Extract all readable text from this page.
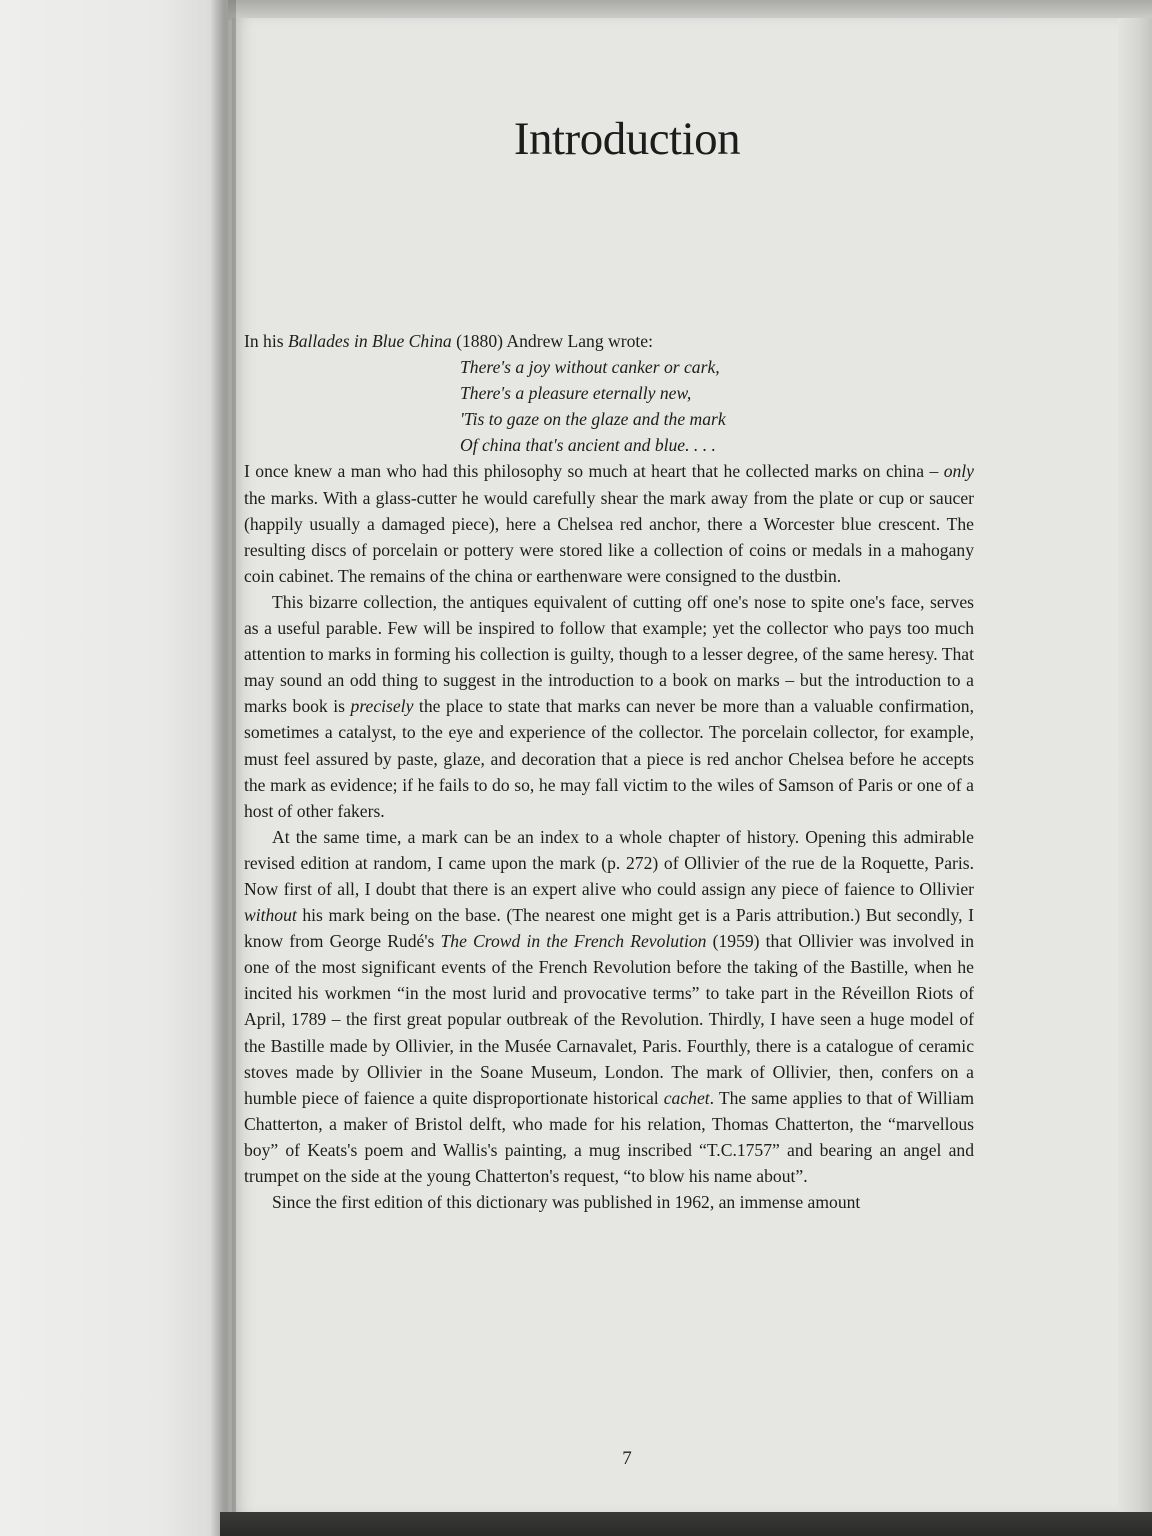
Introduction

In his Ballades in Blue China (1880) Andrew Lang wrote:

There's a joy without canker or cark,
There's a pleasure eternally new,
'Tis to gaze on the glaze and the mark
Of china that's ancient and blue. . . .

I once knew a man who had this philosophy so much at heart that he collected marks on china – only the marks. With a glass-cutter he would carefully shear the mark away from the plate or cup or saucer (happily usually a damaged piece), here a Chelsea red anchor, there a Worcester blue crescent. The resulting discs of porcelain or pottery were stored like a collection of coins or medals in a mahogany coin cabinet. The remains of the china or earthenware were consigned to the dustbin.

This bizarre collection, the antiques equivalent of cutting off one's nose to spite one's face, serves as a useful parable. Few will be inspired to follow that example; yet the collector who pays too much attention to marks in forming his collection is guilty, though to a lesser degree, of the same heresy. That may sound an odd thing to suggest in the introduction to a book on marks – but the introduction to a marks book is precisely the place to state that marks can never be more than a valuable confirmation, sometimes a catalyst, to the eye and experience of the collector. The porcelain collector, for example, must feel assured by paste, glaze, and decoration that a piece is red anchor Chelsea before he accepts the mark as evidence; if he fails to do so, he may fall victim to the wiles of Samson of Paris or one of a host of other fakers.

At the same time, a mark can be an index to a whole chapter of history. Opening this admirable revised edition at random, I came upon the mark (p. 272) of Ollivier of the rue de la Roquette, Paris. Now first of all, I doubt that there is an expert alive who could assign any piece of faience to Ollivier without his mark being on the base. (The nearest one might get is a Paris attribution.) But secondly, I know from George Rudé's The Crowd in the French Revolution (1959) that Ollivier was involved in one of the most significant events of the French Revolution before the taking of the Bastille, when he incited his workmen “in the most lurid and provocative terms” to take part in the Réveillon Riots of April, 1789 – the first great popular outbreak of the Revolution. Thirdly, I have seen a huge model of the Bastille made by Ollivier, in the Musée Carnavalet, Paris. Fourthly, there is a catalogue of ceramic stoves made by Ollivier in the Soane Museum, London. The mark of Ollivier, then, confers on a humble piece of faience a quite disproportionate historical cachet. The same applies to that of William Chatterton, a maker of Bristol delft, who made for his relation, Thomas Chatterton, the “marvellous boy” of Keats's poem and Wallis's painting, a mug inscribed “T.C.1757” and bearing an angel and trumpet on the side at the young Chatterton's request, “to blow his name about”.

Since the first edition of this dictionary was published in 1962, an immense amount

7
